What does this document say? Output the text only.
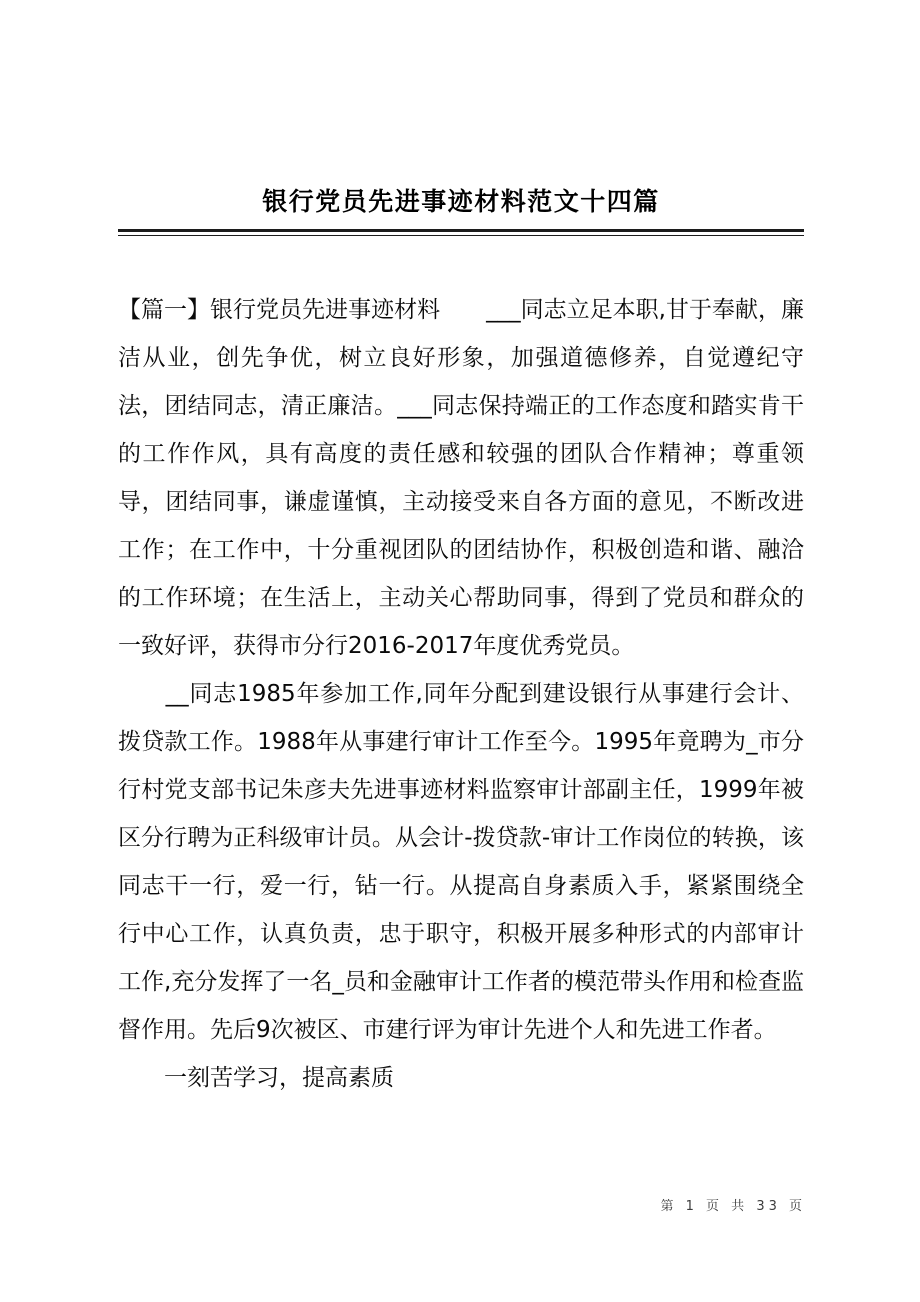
银行党员先进事迹材料范文十四篇

【篇一】银行党员先进事迹材料　　___同志立足本职,甘于奉献，廉洁从业，创先争优，树立良好形象，加强道德修养，自觉遵纪守法，团结同志，清正廉洁。___同志保持端正的工作态度和踏实肯干的工作作风，具有高度的责任感和较强的团队合作精神；尊重领导，团结同事，谦虚谨慎，主动接受来自各方面的意见，不断改进工作；在工作中，十分重视团队的团结协作，积极创造和谐、融洽的工作环境；在生活上，主动关心帮助同事，得到了党员和群众的一致好评，获得市分行2016-2017年度优秀党员。

　　__同志1985年参加工作,同年分配到建设银行从事建行会计、拨贷款工作。1988年从事建行审计工作至今。1995年竟聘为_市分行村党支部书记朱彦夫先进事迹材料监察审计部副主任，1999年被区分行聘为正科级审计员。从会计-拨贷款-审计工作岗位的转换，该同志干一行，爱一行，钻一行。从提高自身素质入手，紧紧围绕全行中心工作，认真负责，忠于职守，积极开展多种形式的内部审计工作,充分发挥了一名_员和金融审计工作者的模范带头作用和检查监督作用。先后9次被区、市建行评为审计先进个人和先进工作者。

　　一刻苦学习，提高素质

第 1 页 共 33 页
